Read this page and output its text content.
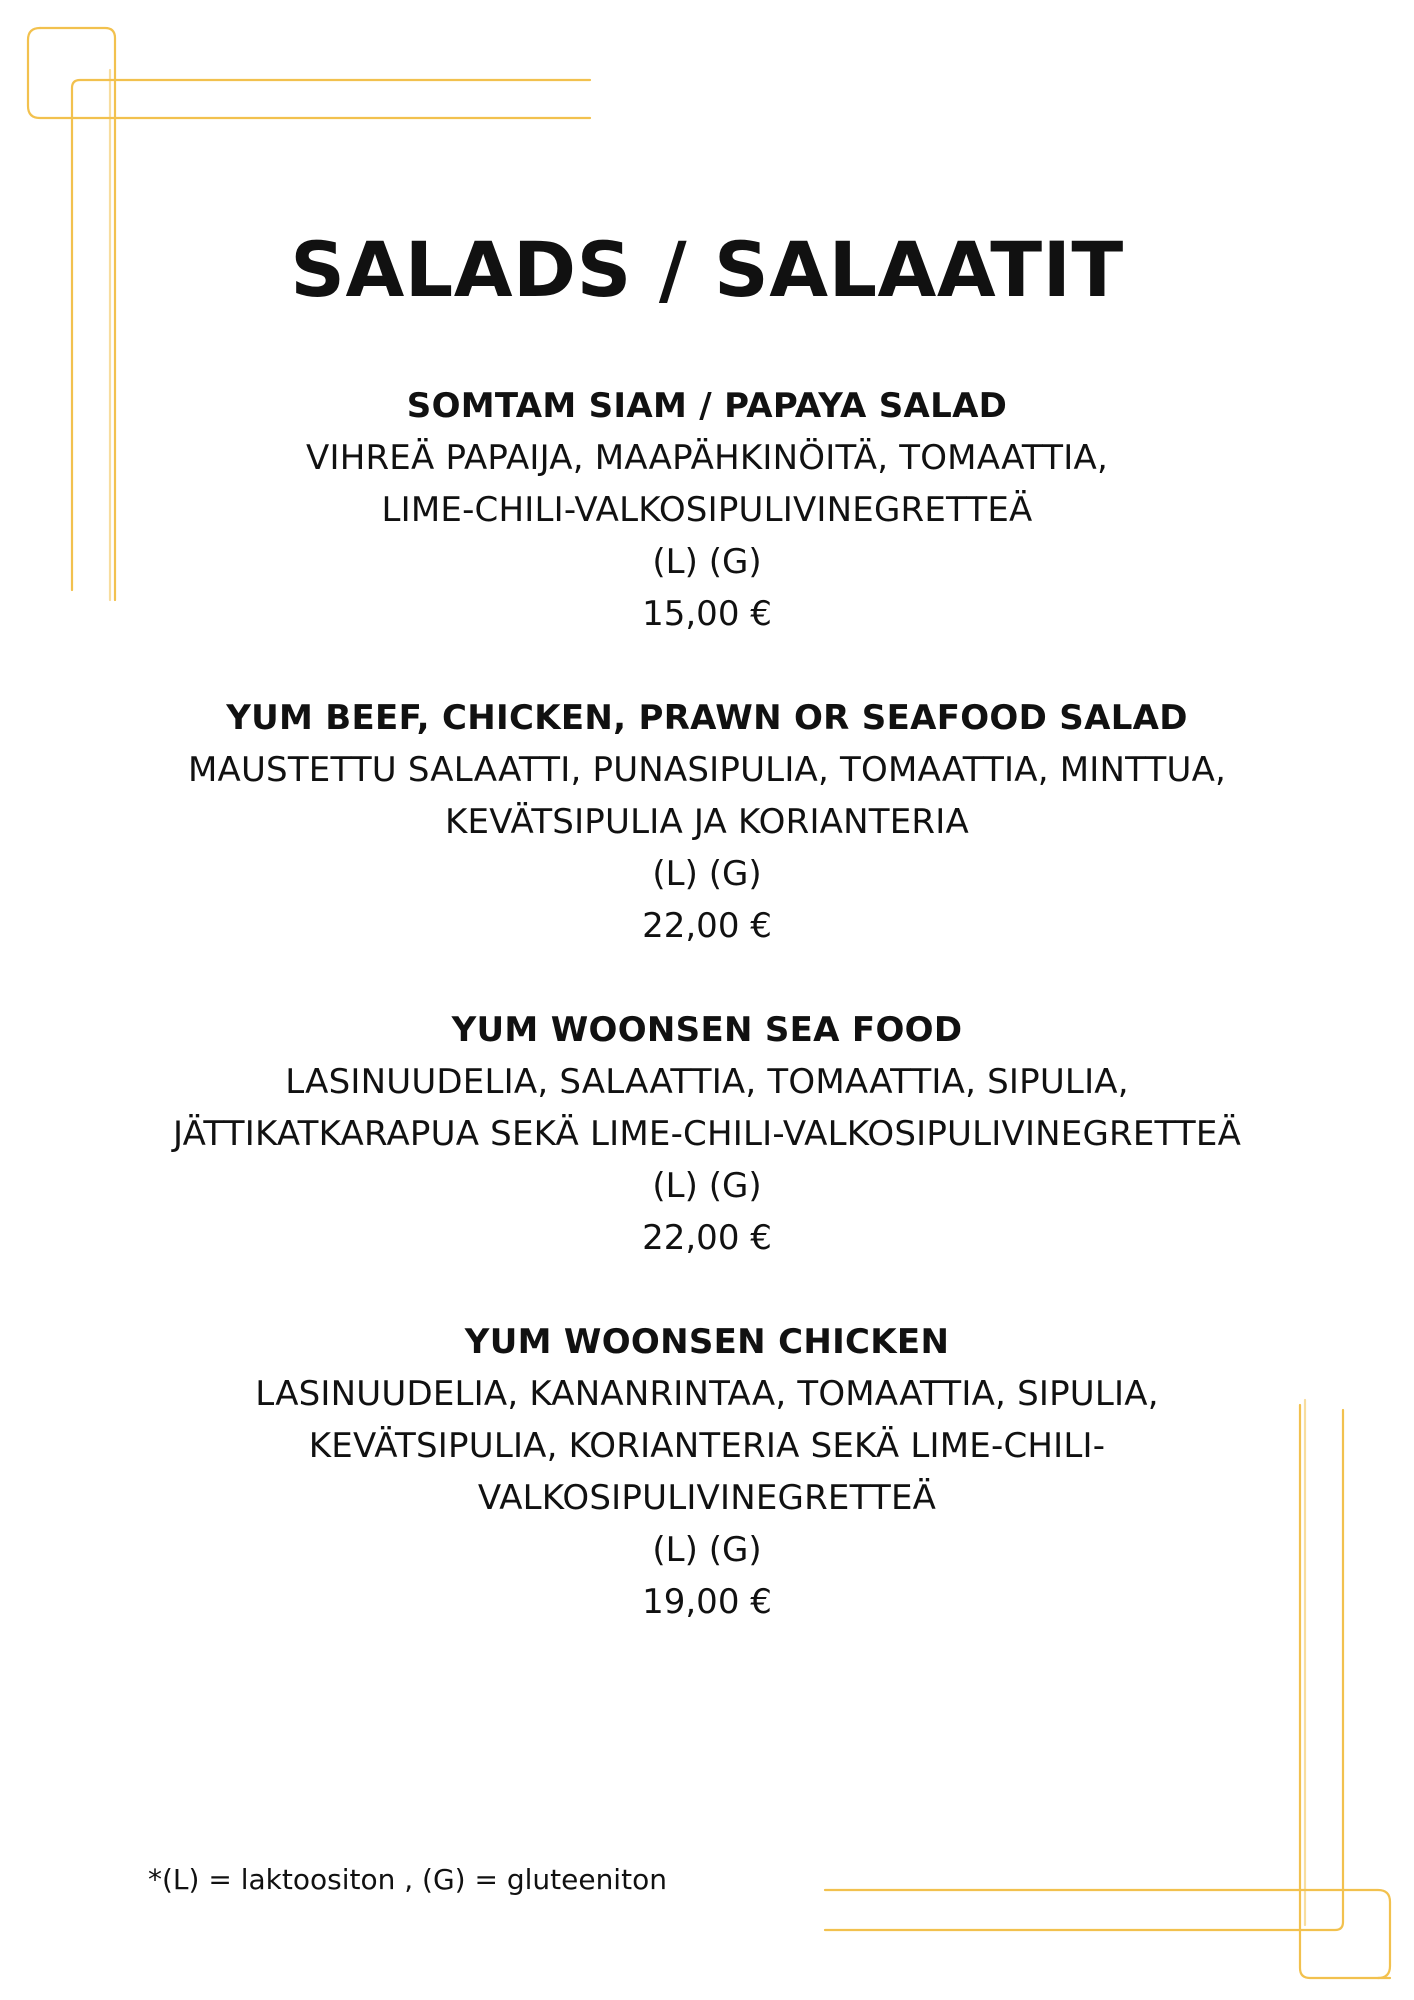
SALADS / SALAATIT

SOMTAM SIAM / PAPAYA SALAD

VIHREÄ PAPAIJA, MAAPÄHKINÖITÄ, TOMAATTIA,
LIME-CHILI-VALKOSIPULIVINEGRETTEÄ

(L) (G)

15,00 €

YUM BEEF, CHICKEN, PRAWN OR SEAFOOD SALAD

MAUSTETTU SALAATTI, PUNASIPULIA, TOMAATTIA, MINTTUA,
KEVÄTSIPULIA JA KORIANTERIA

(L) (G)

22,00 €

YUM WOONSEN SEA FOOD

LASINUUDELIA, SALAATTIA, TOMAATTIA, SIPULIA,
JÄTTIKATKARAPUA SEKÄ LIME-CHILI-VALKOSIPULIVINEGRETTEÄ

(L) (G)

22,00 €

YUM WOONSEN CHICKEN

LASINUUDELIA, KANANRINTAA, TOMAATTIA, SIPULIA,
KEVÄTSIPULIA, KORIANTERIA SEKÄ LIME-CHILI-
VALKOSIPULIVINEGRETTEÄ

(L) (G)

19,00 €

*(L) = laktoositon , (G) = gluteeniton
